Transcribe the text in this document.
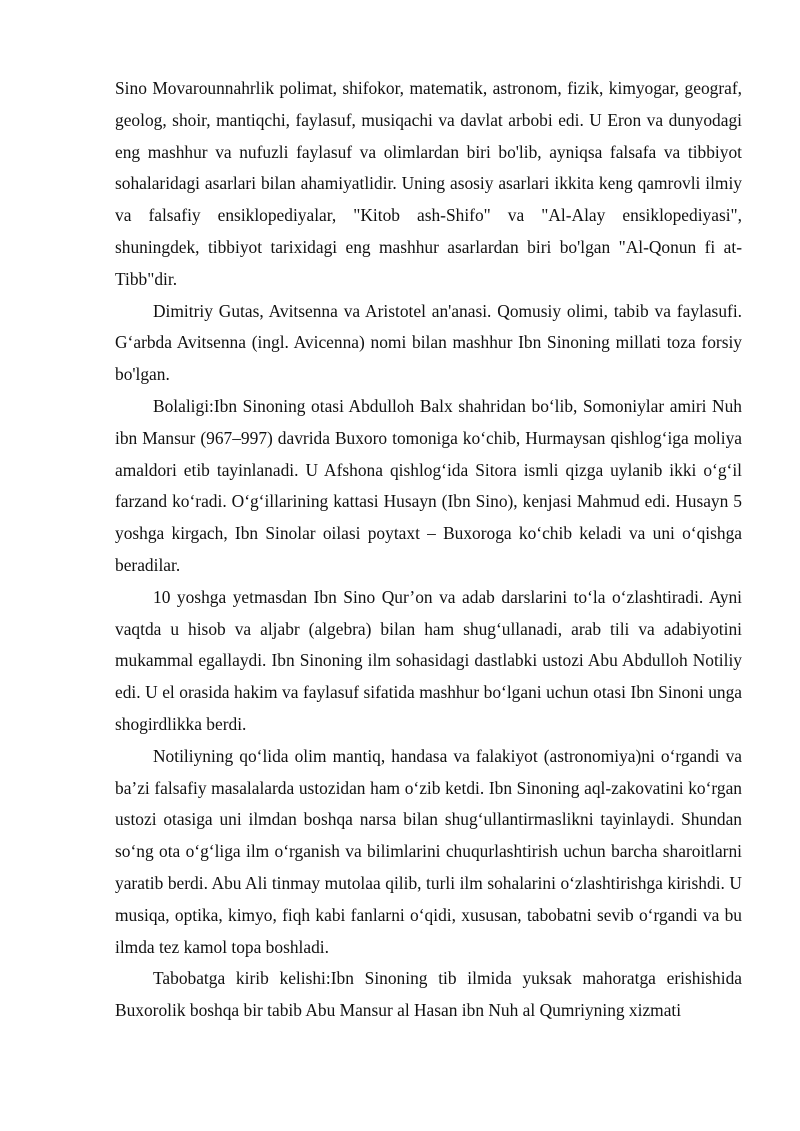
Sino Movarounnahrlik polimat, shifokor, matematik, astronom, fizik, kimyogar, geograf, geolog, shoir, mantiqchi, faylasuf, musiqachi va davlat arbobi edi. U Eron va dunyodagi eng mashhur va nufuzli faylasuf va olimlardan biri bo'lib, ayniqsa falsafa va tibbiyot sohalaridagi asarlari bilan ahamiyatlidir. Uning asosiy asarlari ikkita keng qamrovli ilmiy va falsafiy ensiklopediyalar, "Kitob ash-Shifo" va "Al-Alay ensiklopediyasi", shuningdek, tibbiyot tarixidagi eng mashhur asarlardan biri bo'lgan "Al-Qonun fi at-Tibb"dir.

Dimitriy Gutas, Avitsenna va Aristotel an'anasi. Qomusiy olimi, tabib va faylasufi. G‘arbda Avitsenna (ingl. Avicenna) nomi bilan mashhur Ibn Sinoning millati toza forsiy bo'lgan.

Bolaligi:Ibn Sinoning otasi Abdulloh Balx shahridan bo‘lib, Somoniylar amiri Nuh ibn Mansur (967–997) davrida Buxoro tomoniga ko‘chib, Hurmaysan qishlog‘iga moliya amaldori etib tayinlanadi. U Afshona qishlog‘ida Sitora ismli qizga uylanib ikki o‘g‘il farzand ko‘radi. O‘g‘illarining kattasi Husayn (Ibn Sino), kenjasi Mahmud edi. Husayn 5 yoshga kirgach, Ibn Sinolar oilasi poytaxt – Buxoroga ko‘chib keladi va uni o‘qishga beradilar.

10 yoshga yetmasdan Ibn Sino Qur’on va adab darslarini to‘la o‘zlashtiradi. Ayni vaqtda u hisob va aljabr (algebra) bilan ham shug‘ullanadi, arab tili va adabiyotini mukammal egallaydi. Ibn Sinoning ilm sohasidagi dastlabki ustozi Abu Abdulloh Notiliy edi. U el orasida hakim va faylasuf sifatida mashhur bo‘lgani uchun otasi Ibn Sinoni unga shogirdlikka berdi.

Notiliyning qo‘lida olim mantiq, handasa va falakiyot (astronomiya)ni o‘rgandi va ba’zi falsafiy masalalarda ustozidan ham o‘zib ketdi. Ibn Sinoning aql-zakovatini ko‘rgan ustozi otasiga uni ilmdan boshqa narsa bilan shug‘ullantirmaslikni tayinlaydi. Shundan so‘ng ota o‘g‘liga ilm o‘rganish va bilimlarini chuqurlashtirish uchun barcha sharoitlarni yaratib berdi. Abu Ali tinmay mutolaa qilib, turli ilm sohalarini o‘zlashtirishga kirishdi. U musiqa, optika, kimyo, fiqh kabi fanlarni o‘qidi, xususan, tabobatni sevib o‘rgandi va bu ilmda tez kamol topa boshladi.

Tabobatga kirib kelishi:Ibn Sinoning tib ilmida yuksak mahoratga erishishida Buxorolik boshqa bir tabib Abu Mansur al Hasan ibn Nuh al Qumriyning xizmati
